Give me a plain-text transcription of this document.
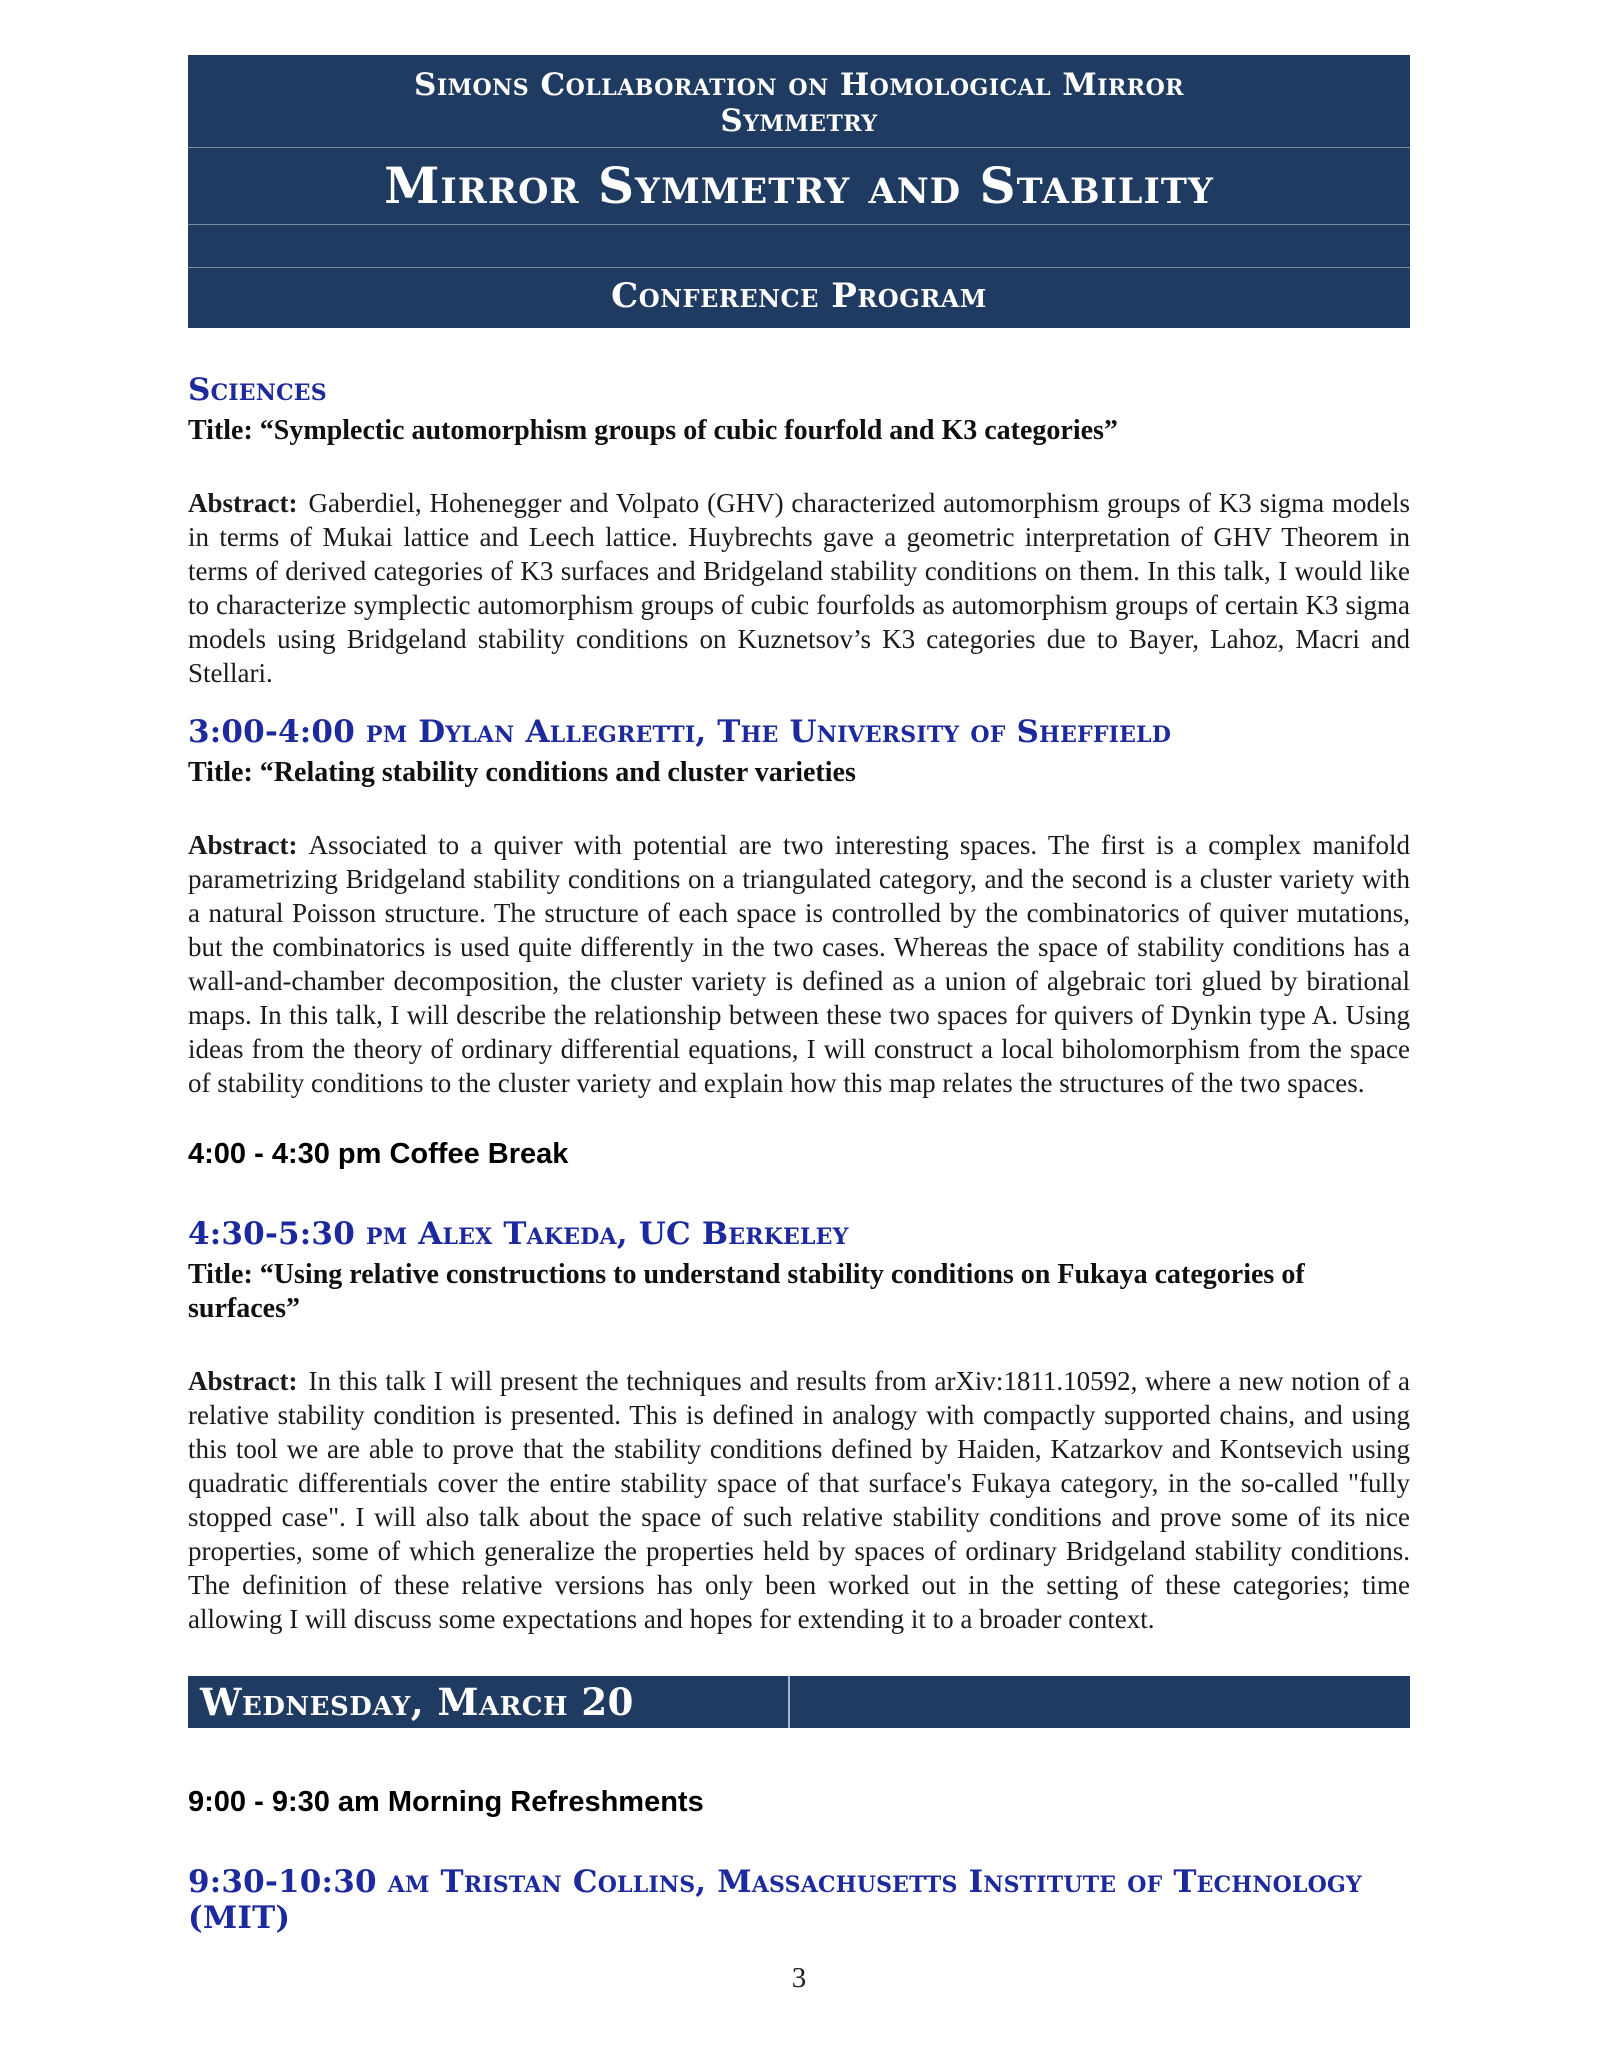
Simons Collaboration on Homological Mirror Symmetry
Mirror Symmetry and Stability
Conference Program
Sciences

Title: “Symplectic automorphism groups of cubic fourfold and K3 categories”

Abstract: Gaberdiel, Hohenegger and Volpato (GHV) characterized automorphism groups of K3 sigma models in terms of Mukai lattice and Leech lattice. Huybrechts gave a geometric interpretation of GHV Theorem in terms of derived categories of K3 surfaces and Bridgeland stability conditions on them. In this talk, I would like to characterize symplectic automorphism groups of cubic fourfolds as automorphism groups of certain K3 sigma models using Bridgeland stability conditions on Kuznetsov’s K3 categories due to Bayer, Lahoz, Macri and Stellari.

3:00-4:00 pm Dylan Allegretti, The University of Sheffield

Title: “Relating stability conditions and cluster varieties

Abstract: Associated to a quiver with potential are two interesting spaces. The first is a complex manifold parametrizing Bridgeland stability conditions on a triangulated category, and the second is a cluster variety with a natural Poisson structure. The structure of each space is controlled by the combinatorics of quiver mutations, but the combinatorics is used quite differently in the two cases. Whereas the space of stability conditions has a wall-and-chamber decomposition, the cluster variety is defined as a union of algebraic tori glued by birational maps. In this talk, I will describe the relationship between these two spaces for quivers of Dynkin type A. Using ideas from the theory of ordinary differential equations, I will construct a local biholomorphism from the space of stability conditions to the cluster variety and explain how this map relates the structures of the two spaces.

4:00 - 4:30 pm Coffee Break

4:30-5:30 pm Alex Takeda, UC Berkeley

Title: “Using relative constructions to understand stability conditions on Fukaya categories of surfaces”

Abstract: In this talk I will present the techniques and results from arXiv:1811.10592, where a new notion of a relative stability condition is presented. This is defined in analogy with compactly supported chains, and using this tool we are able to prove that the stability conditions defined by Haiden, Katzarkov and Kontsevich using quadratic differentials cover the entire stability space of that surface's Fukaya category, in the so-called "fully stopped case". I will also talk about the space of such relative stability conditions and prove some of its nice properties, some of which generalize the properties held by spaces of ordinary Bridgeland stability conditions. The definition of these relative versions has only been worked out in the setting of these categories; time allowing I will discuss some expectations and hopes for extending it to a broader context.

Wednesday, March 20

9:00 - 9:30 am Morning Refreshments

9:30-10:30 am Tristan Collins, Massachusetts Institute of Technology (MIT)
3
